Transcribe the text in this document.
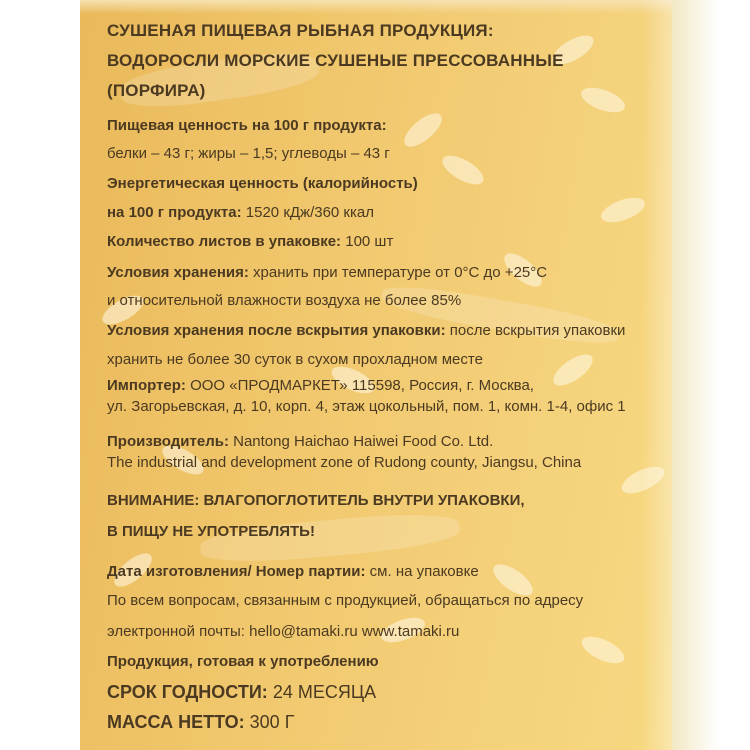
СУШЕНАЯ ПИЩЕВАЯ РЫБНАЯ ПРОДУКЦИЯ:
ВОДОРОСЛИ МОРСКИЕ СУШЕНЫЕ ПРЕССОВАННЫЕ
(ПОРФИРА)
Пищевая ценность на 100 г продукта:
белки – 43 г; жиры – 1,5; углеводы – 43 г
Энергетическая ценность (калорийность)
на 100 г продукта: 1520 кДж/360 ккал
Количество листов в упаковке: 100 шт
Условия хранения: хранить при температуре от 0°С до +25°С
и относительной влажности воздуха не более 85%
Условия хранения после вскрытия упаковки: после вскрытия упаковки
хранить не более 30 суток в сухом прохладном месте
Импортер: ООО «ПРОДМАРКЕТ» 115598, Россия, г. Москва,
ул. Загорьевская, д. 10, корп. 4, этаж цокольный, пом. 1, комн. 1-4, офис 1
Производитель: Nantong Haichao Haiwei Food Co. Ltd.
The industrial and development zone of Rudong county, Jiangsu, China
ВНИМАНИЕ: ВЛАГОПОГЛОТИТЕЛЬ ВНУТРИ УПАКОВКИ,
В ПИЩУ НЕ УПОТРЕБЛЯТЬ!
Дата изготовления/ Номер партии: см. на упаковке
По всем вопросам, связанным с продукцией, обращаться по адресу
электронной почты: hello@tamaki.ru www.tamaki.ru
Продукция, готовая к употреблению
СРОК ГОДНОСТИ: 24 МЕСЯЦА
МАССА НЕТТО: 300 Г
